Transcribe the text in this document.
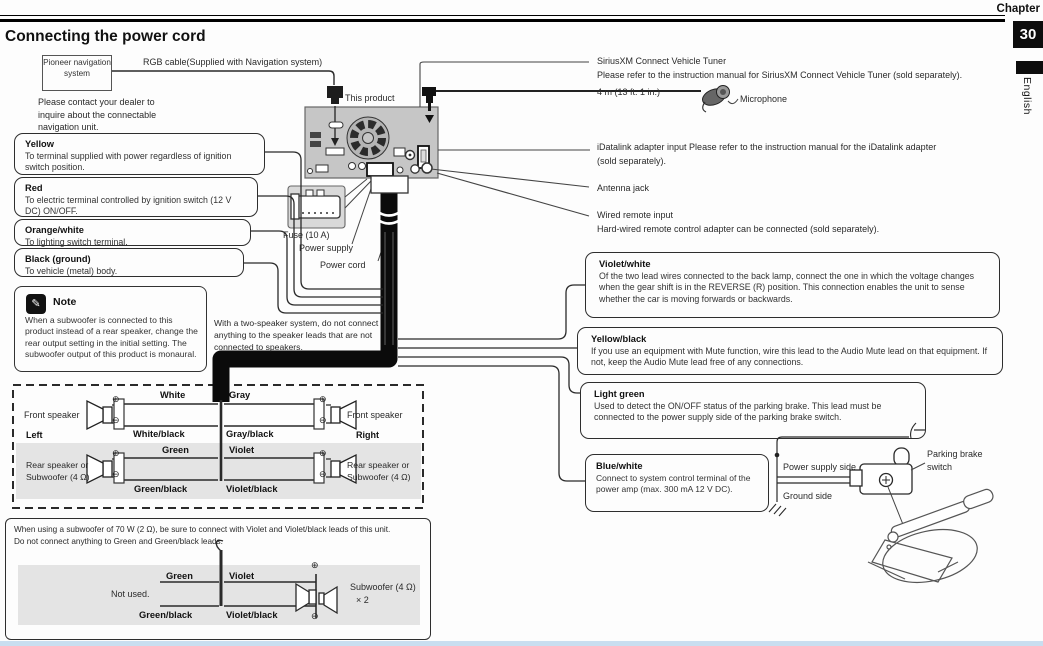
Chapter
30
English
Connecting the power cord
Pioneer navigation system
RGB cable(Supplied with Navigation system)
Please contact your dealer to inquire about the connectable navigation unit.
This product
SiriusXM Connect Vehicle Tuner
Please refer to the instruction manual for SiriusXM Connect Vehicle Tuner (sold separately).
4 m (13 ft. 1 in.)
Microphone
iDatalink adapter input Please refer to the instruction manual for the iDatalink adapter
(sold separately).
Antenna jack
Wired remote input
Hard-wired remote control adapter can be connected (sold separately).
Yellow
To terminal supplied with power regardless of ignition switch position.
Red
To electric terminal controlled by ignition switch (12 V DC) ON/OFF.
Orange/white
To lighting switch terminal.
Black (ground)
To vehicle (metal) body.
✎	Note
When a subwoofer is connected to this product instead of a rear speaker, change the rear output setting in the initial setting. The subwoofer output of this product is monaural.
Fuse (10 A)
Power supply
Power cord
With a two-speaker system, do not connect anything to the speaker leads that are not connected to speakers.
Violet/white
Of the two lead wires connected to the back lamp, connect the one in which the voltage changes when the gear shift is in the REVERSE (R) position. This connection enables the unit to sense whether the car is moving forwards or backwards.
Yellow/black
If you use an equipment with Mute function, wire this lead to the Audio Mute lead on that equipment. If not, keep the Audio Mute lead free of any connections.
Light green
Used to detect the ON/OFF status of the parking brake. This lead must be connected to the power supply side of the parking brake switch.
Blue/white
Connect to system control terminal of the power amp (max. 300 mA 12 V DC).
Power supply side
Ground side
Parking brake switch
Front speaker
Left
Front speaker
Right
Rear speaker or Subwoofer (4 Ω)
Rear speaker or Subwoofer (4 Ω)
White	Gray
White/black	Gray/black
Green	Violet
Green/black	Violet/black
⊕
⊖
⊕
⊖
⊕
⊖
⊕
⊖
When using a subwoofer of 70 W (2 Ω), be sure to connect with Violet and Violet/black leads of this unit.
Do not connect anything to Green and Green/black leads.
Green	Violet
Not used.
Green/black	Violet/black
Subwoofer (4 Ω)
× 2
⊕
⊖
